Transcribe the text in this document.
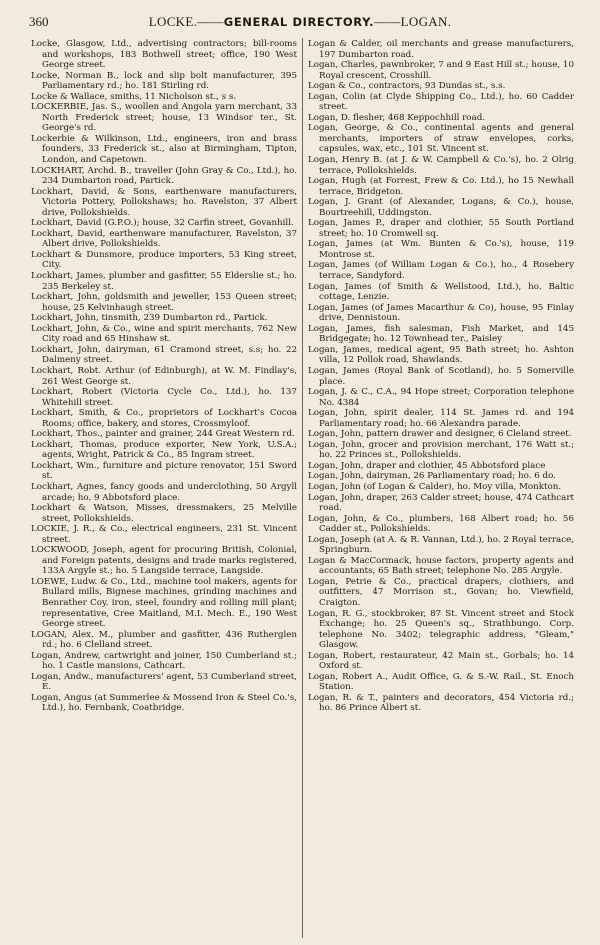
360	LOCKE.——GENERAL DIRECTORY.——LOGAN.

Locke, Glasgow, Ltd., advertising contractors; bill-rooms and workshops, 183 Bothwell street; office, 190 West George street.

Locke, Norman B., lock and slip bolt manufacturer, 395 Parliamentary rd.; ho. 181 Stirling rd.

Locke & Wallace, smiths, 11 Nicholson st., s s.

LOCKERBIE, Jas. S., woollen and Angola yarn merchant, 33 North Frederick street; house, 13 Windsor ter., St. George's rd.

Lockerbie & Wilkinson, Ltd., engineers, iron and brass founders, 33 Frederick st., also at Birmingham, Tipton, London, and Capetown.

LOCKHART, Archd. B., traveller (John Gray & Co., Ltd.), ho. 234 Dumbarton road, Partick.

Lockhart, David, & Sons, earthenware manufacturers, Victoria Pottery, Pollokshaws; ho. Ravelston, 37 Albert drive, Pollokshields.

Lockhart, David (G.P.O.); house, 32 Carfin street, Govanhill.

Lockhart, David, earthenware manufacturer, Ravelston, 37 Albert drive, Pollokshields.

Lockhart & Dunsmore, produce importers, 53 King street, City.

Lockhart, James, plumber and gasfitter, 55 Elderslie st.; ho. 235 Berkeley st.

Lockhart, John, goldsmith and jeweller, 153 Queen street; house, 25 Kelvinhaugh street.

Lockhart, John, tinsmith, 239 Dumbarton rd., Partick.

Lockhart, John, & Co., wine and spirit merchants, 762 New City road and 65 Hinshaw st.

Lockhart, John, dairyman, 61 Cramond street, s.s; ho. 22 Dalmeny street.

Lockhart, Robt. Arthur (of Edinburgh), at W. M. Findlay's, 261 West George st.

Lockhart, Robert (Victoria Cycle Co., Ltd.), ho. 137 Whitehill street.

Lockhart, Smith, & Co., proprietors of Lockhart's Cocoa Rooms; office, bakery, and stores, Crossmyloof.

Lockhart, Thos., painter and grainer, 244 Great Western rd.

Lockhart, Thomas, produce exporter, New York, U.S.A.; agents, Wright, Patrick & Co., 85 Ingram street.

Lockhart, Wm., furniture and picture renovator, 151 Sword st.

Lockhart, Agnes, fancy goods and underclothing, 50 Argyll arcade; ho. 9 Abbotsford place.

Lockhart & Watson, Misses, dressmakers, 25 Melville street, Pollokshields.

LOCKIE, J. R., & Co., electrical engineers, 231 St. Vincent street.

LOCKWOOD, Joseph, agent for procuring British, Colonial, and Foreign patents, designs and trade marks registered, 133A Argyle st.; ho. 5 Langside terrace, Langside.

LOEWE, Ludw. & Co., Ltd., machine tool makers, agents for Bullard mills, Bignese machines, grinding machines and Benrather Coy. iron, steel, foundry and rolling mill plant; representative, Cree Maitland, M.I. Mech. E., 190 West George street.

LOGAN, Alex. M., plumber and gasfitter, 436 Rutherglen rd.; ho. 6 Clelland street.

Logan, Andrew, cartwright and joiner, 150 Cumberland st.; ho. 1 Castle mansions, Cathcart.

Logan, Andw., manufacturers' agent, 53 Cumberland street, E.

Logan, Angus (at Summerlee & Mossend Iron & Steel Co.'s, Ltd.), ho. Fernbank, Coatbridge.

Logan & Calder, oil merchants and grease manufacturers, 197 Dumbarton road.

Logan, Charles, pawnbroker, 7 and 9 East Hill st.; house, 10 Royal crescent, Crosshill.

Logan & Co., contractors, 93 Dundas st., s.s.

Logan, Colin (at Clyde Shipping Co., Ltd.), ho. 60 Cadder street.

Logan, D. flesher, 468 Keppochhill road.

Logan, George, & Co., continental agents and general merchants, importers of straw envelopes, corks, capsules, wax, etc., 101 St. Vincent st.

Logan, Henry B. (at J. & W. Campbell & Co.'s), ho. 2 Olrig terrace, Pollokshields.

Logan, Hugh (at Forrest, Frew & Co. Ltd.), ho 15 Newhall terrace, Bridgeton.

Logan, J. Grant (of Alexander, Logans, & Co.), house, Bourtreehill, Uddingston.

Logan, James P., draper and clothier, 55 South Portland street; ho. 10 Cromwell sq.

Logan, James (at Wm. Bunten & Co.'s), house, 119 Montrose st.

Logan, James (of William Logan & Co.), ho., 4 Rosebery terrace, Sandyford.

Logan, James (of Smith & Wellstood, Ltd.), ho. Baltic cottage, Lenzie.

Logan, James (of James Macarthur & Co), house, 95 Finlay drive, Dennistoun.

Logan, James, fish salesman, Fish Market, and 145 Bridgegate; ho. 12 Townhead ter., Paisley

Logan, James, medical agent, 95 Bath street; ho. Ashton villa, 12 Pollok road, Shawlands.

Logan, James (Royal Bank of Scotland), ho. 5 Somerville place.

Logan, J. & C., C.A., 94 Hope street; Corporation telephone No. 4384

Logan, John, spirit dealer, 114 St. James rd. and 194 Parliamentary road; ho. 66 Alexandra parade.

Logan, John, pattern drawer and designer, 6 Cleland street.

Logan, John, grocer and provision merchant, 176 Watt st.; ho. 22 Princes st., Pollokshields.

Logan, John, draper and clothier, 45 Abbotsford place

Logan, John, dairyman, 26 Parliamentary road; ho. 6 do.

Logan, John (of Logan & Calder), ho. Moy villa, Monkton.

Logan, John, draper, 263 Calder street; house, 474 Cathcart road.

Logan, John, & Co., plumbers, 168 Albert road; ho. 56 Cadder st., Pollokshields.

Logan, Joseph (at A. & R. Vannan, Ltd.), ho. 2 Royal terrace, Springburn.

Logan & MacCormack, house factors, property agents and accountants, 65 Bath street; telephone No. 285 Argyle.

Logan, Petrie & Co., practical drapers, clothiers, and outfitters, 47 Morrison st., Govan; ho. Viewfield, Craigton.

Logan, R. G., stockbroker, 87 St. Vincent street and Stock Exchange; ho. 25 Queen's sq., Strathbungo. Corp. telephone No. 3402; telegraphic address, "Gleam," Glasgow.

Logan, Robert, restaurateur, 42 Main st., Gorbals; ho. 14 Oxford st.

Logan, Robert A., Audit Office, G. & S.-W. Rail., St. Enoch Station.

Logan, R. & T., painters and decorators, 454 Victoria rd.; ho. 86 Prince Albert st.
